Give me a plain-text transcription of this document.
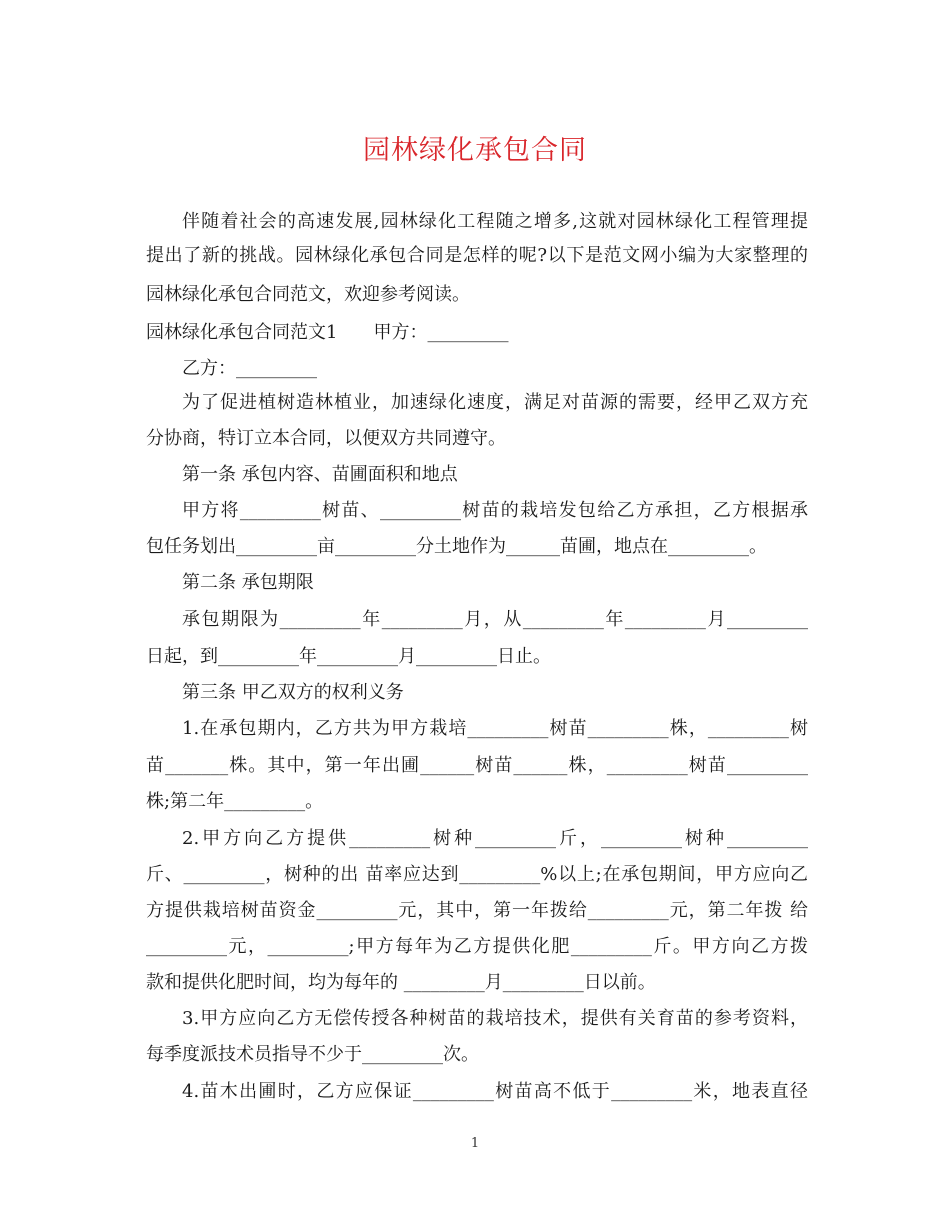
园林绿化承包合同
伴随着社会的高速发展,园林绿化工程随之增多,这就对园林绿化工程管理提
提出了新的挑战。园林绿化承包合同是怎样的呢?以下是范文网小编为大家整理的
园林绿化承包合同范文，欢迎参考阅读。
园林绿化承包合同范文1　　甲方：_________
乙方：_________
为了促进植树造林植业，加速绿化速度，满足对苗源的需要，经甲乙双方充
分协商，特订立本合同，以便双方共同遵守。
第一条 承包内容、苗圃面积和地点
甲方将_________树苗、_________树苗的栽培发包给乙方承担，乙方根据承
包任务划出_________亩_________分土地作为______苗圃，地点在_________。
第二条 承包期限
承包期限为_________年_________月，从_________年_________月_________
日起，到_________年_________月_________日止。
第三条 甲乙双方的权利义务
1.在承包期内，乙方共为甲方栽培_________树苗_________株，_________树
苗_______株。其中，第一年出圃______树苗______株，_________树苗_________
株;第二年_________。
2.甲方向乙方提供_________树种_________斤，_________树种_________
斤、_________，树种的出 苗率应达到_________%以上;在承包期间，甲方应向乙
方提供栽培树苗资金_________元，其中，第一年拨给_________元，第二年拨 给
_________元，_________;甲方每年为乙方提供化肥_________斤。甲方向乙方拨
款和提供化肥时间，均为每年的 _________月_________日以前。
3.甲方应向乙方无偿传授各种树苗的栽培技术，提供有关育苗的参考资料，
每季度派技术员指导不少于_________次。
4.苗木出圃时，乙方应保证_________树苗高不低于_________米，地表直径
1
